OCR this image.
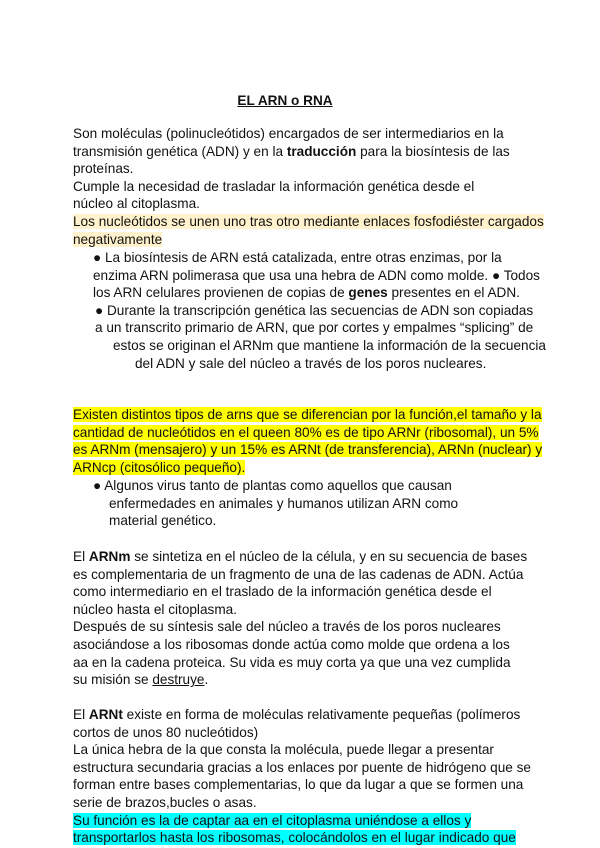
EL ARN o RNA
Son moléculas (polinucleótidos) encargados de ser intermediarios en la
transmisión genética (ADN) y en la traducción para la biosíntesis de las
proteínas.
Cumple la necesidad de trasladar la información genética desde el
núcleo al citoplasma.
Los nucleótidos se unen uno tras otro mediante enlaces fosfodiéster cargados
negativamente
● La biosíntesis de ARN está catalizada, entre otras enzimas, por la
enzima ARN polimerasa que usa una hebra de ADN como molde. ● Todos
los ARN celulares provienen de copias de genes presentes en el ADN.
● Durante la transcripción genética las secuencias de ADN son copiadas
a un transcrito primario de ARN, que por cortes y empalmes “splicing” de
estos se originan el ARNm que mantiene la información de la secuencia
del ADN y sale del núcleo a través de los poros nucleares.
Existen distintos tipos de arns que se diferencian por la función,el tamaño y la
cantidad de nucleótidos en el queen 80% es de tipo ARNr (ribosomal), un 5%
es ARNm (mensajero) y un 15% es ARNt (de transferencia), ARNn (nuclear) y
ARNcp (citosólico pequeño).
● Algunos virus tanto de plantas como aquellos que causan
enfermedades en animales y humanos utilizan ARN como
material genético.
El ARNm se sintetiza en el núcleo de la célula, y en su secuencia de bases
es complementaria de un fragmento de una de las cadenas de ADN. Actúa
como intermediario en el traslado de la información genética desde el
núcleo hasta el citoplasma.
Después de su síntesis sale del núcleo a través de los poros nucleares
asociándose a los ribosomas donde actúa como molde que ordena a los
aa en la cadena proteica. Su vida es muy corta ya que una vez cumplida
su misión se destruye.
El ARNt existe en forma de moléculas relativamente pequeñas (polímeros
cortos de unos 80 nucleótidos)
La única hebra de la que consta la molécula, puede llegar a presentar
estructura secundaria gracias a los enlaces por puente de hidrógeno que se
forman entre bases complementarias, lo que da lugar a que se formen una
serie de brazos,bucles o asas.
Su función es la de captar aa en el citoplasma uniéndose a ellos y
transportarlos hasta los ribosomas, colocándolos en el lugar indicado que
